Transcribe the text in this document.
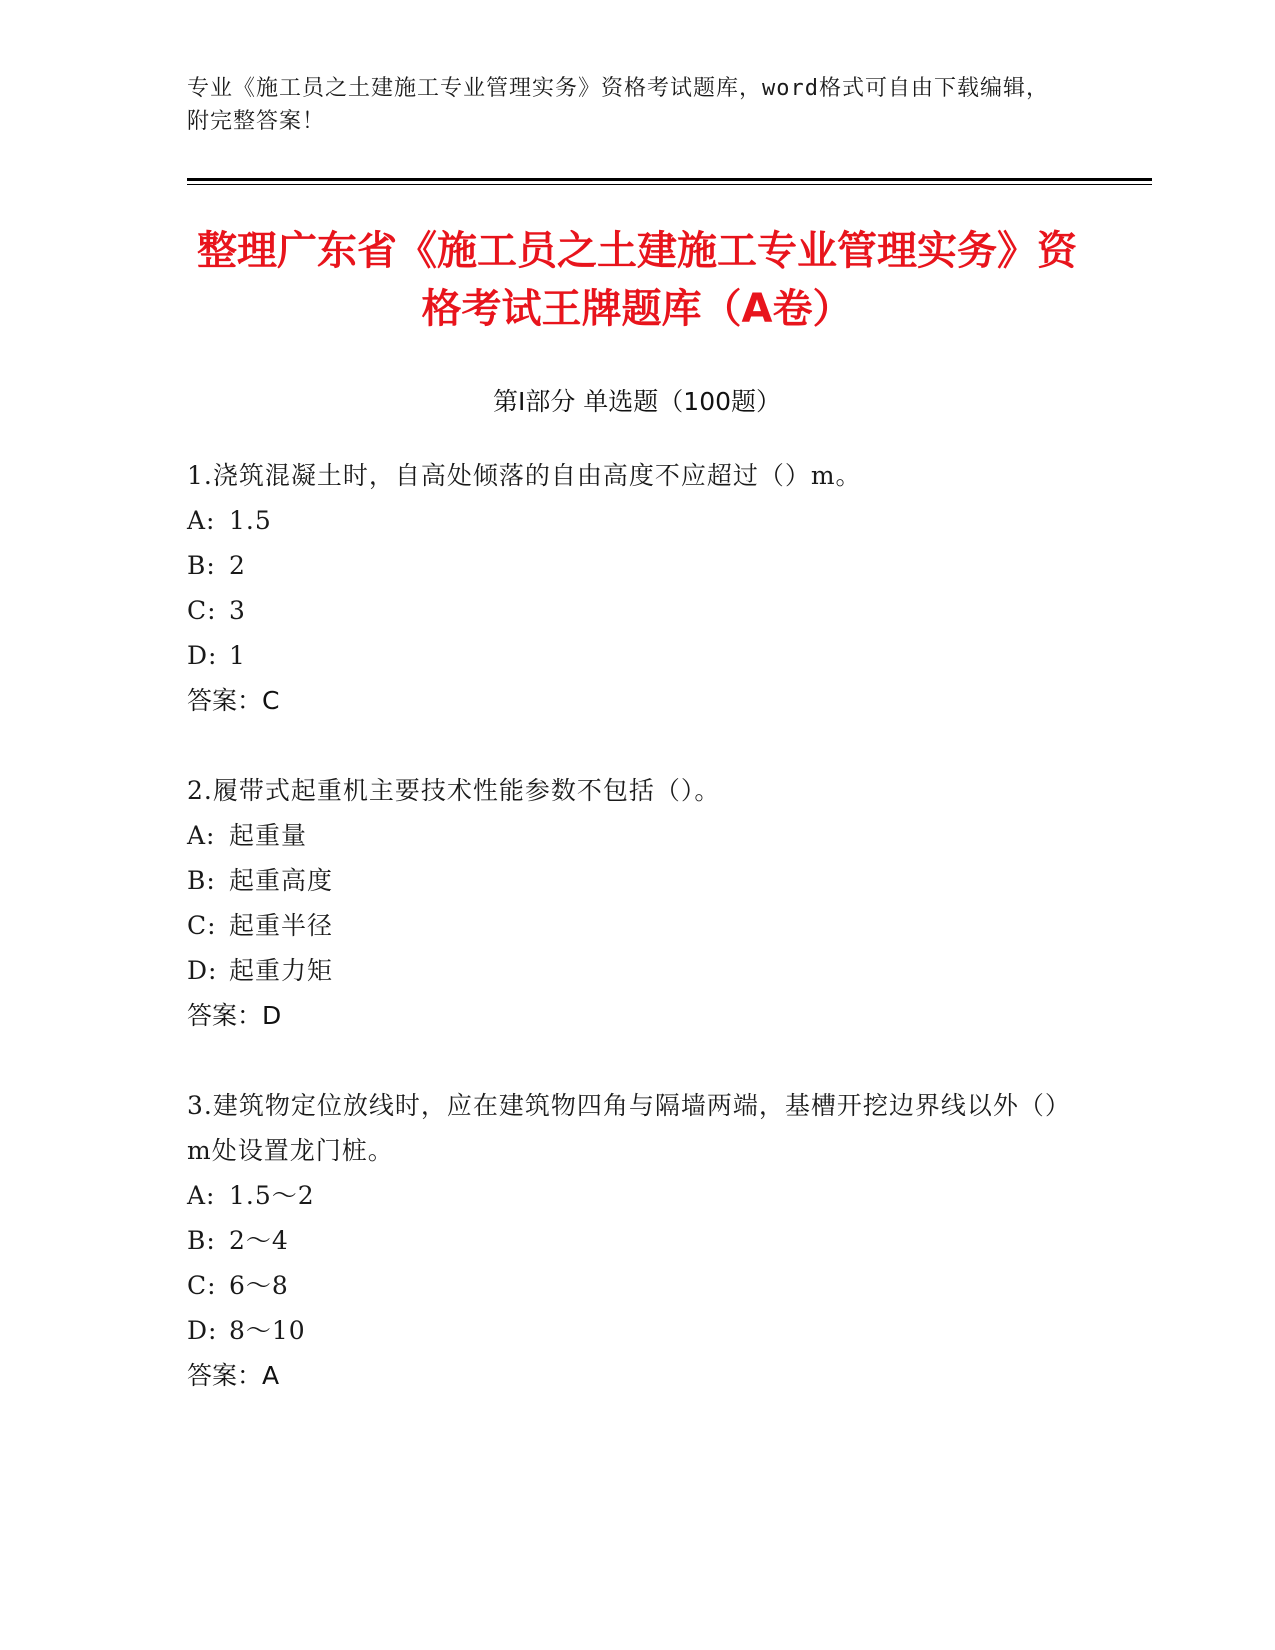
专业《施工员之土建施工专业管理实务》资格考试题库，word格式可自由下载编辑，附完整答案！
整理广东省《施工员之土建施工专业管理实务》资格考试王牌题库（A卷）
第Ⅰ部分 单选题（100题）

1.浇筑混凝土时，自高处倾落的自由高度不应超过（）m。

A: 1.5

B: 2

C: 3

D: 1

答案：C

2.履带式起重机主要技术性能参数不包括（）。

A: 起重量

B: 起重高度

C: 起重半径

D: 起重力矩

答案：D

3.建筑物定位放线时，应在建筑物四角与隔墙两端，基槽开挖边界线以外（）m处设置龙门桩。

A: 1.5～2

B: 2～4

C: 6～8

D: 8～10

答案：A
